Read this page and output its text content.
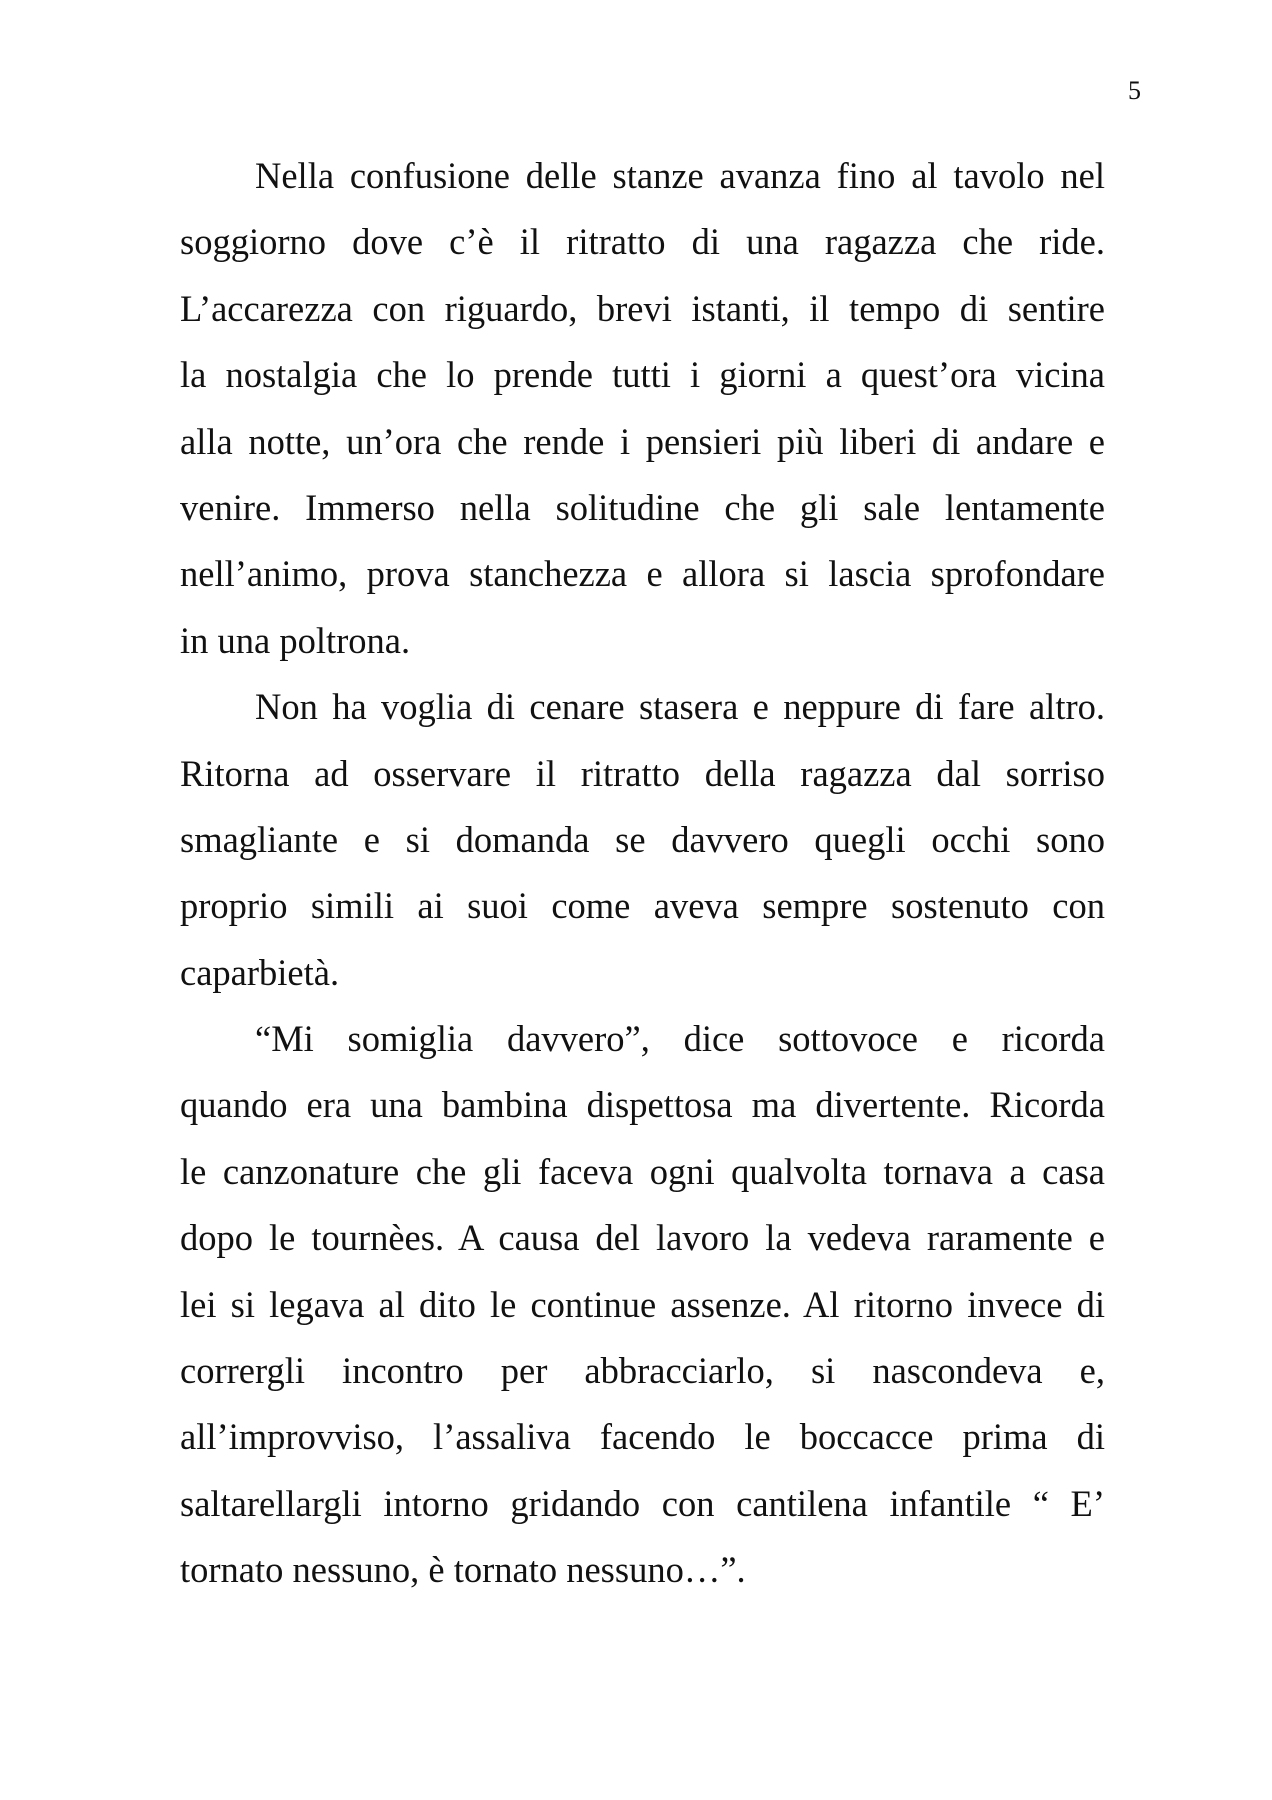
5
Nella confusione delle stanze avanza fino al tavolo nel
soggiorno dove c’è il ritratto di una ragazza che ride.
L’accarezza con riguardo, brevi istanti, il tempo di sentire
la nostalgia che lo prende tutti i giorni a quest’ora vicina
alla notte, un’ora che rende i pensieri più liberi di andare e
venire. Immerso nella solitudine che gli sale lentamente
nell’animo, prova stanchezza e allora si lascia sprofondare
in una poltrona.
Non ha voglia di cenare stasera e neppure di fare altro.
Ritorna ad osservare il ritratto della ragazza dal sorriso
smagliante e si domanda se davvero quegli occhi sono
proprio simili ai suoi come aveva sempre sostenuto con
caparbietà.
“Mi somiglia davvero”, dice sottovoce e ricorda
quando era una bambina dispettosa ma divertente. Ricorda
le canzonature che gli faceva ogni qualvolta tornava a casa
dopo le tournèes. A causa del lavoro la vedeva raramente e
lei si legava al dito le continue assenze. Al ritorno invece di
corrergli incontro per abbracciarlo, si nascondeva e,
all’improvviso, l’assaliva facendo le boccacce prima di
saltarellargli intorno gridando con cantilena infantile “ E’
tornato nessuno, è tornato nessuno…”.
